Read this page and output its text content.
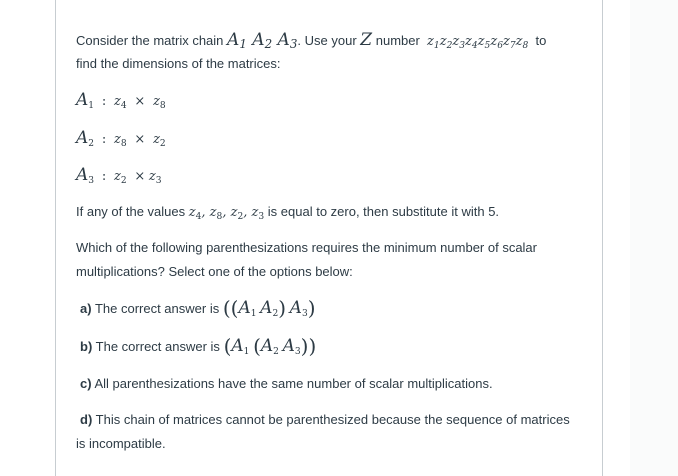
Consider the matrix chain $A_1$ $A_2$ $A_3$. Use your Z number $z_1z_2z_3z_4z_5z_6z_7z_8$ to
find the dimensions of the matrices:
$A_1$  :  $z_4 \times z_8$
$A_2$  :  $z_8 \times z_2$
$A_3$  :  $z_2 \times z_3$
If any of the values $z_4$, $z_8$, $z_2$, $z_3$ is equal to zero, then substitute it with 5.
Which of the following parenthesizations requires the minimum number of scalar
multiplications? Select one of the options below:
a) The correct answer is (($A_1$ $A_2$) $A_3$)
b) The correct answer is ($A_1$ ($A_2$ $A_3$))
c) All parenthesizations have the same number of scalar multiplications.
d) This chain of matrices cannot be parenthesized because the sequence of matrices
is incompatible.
